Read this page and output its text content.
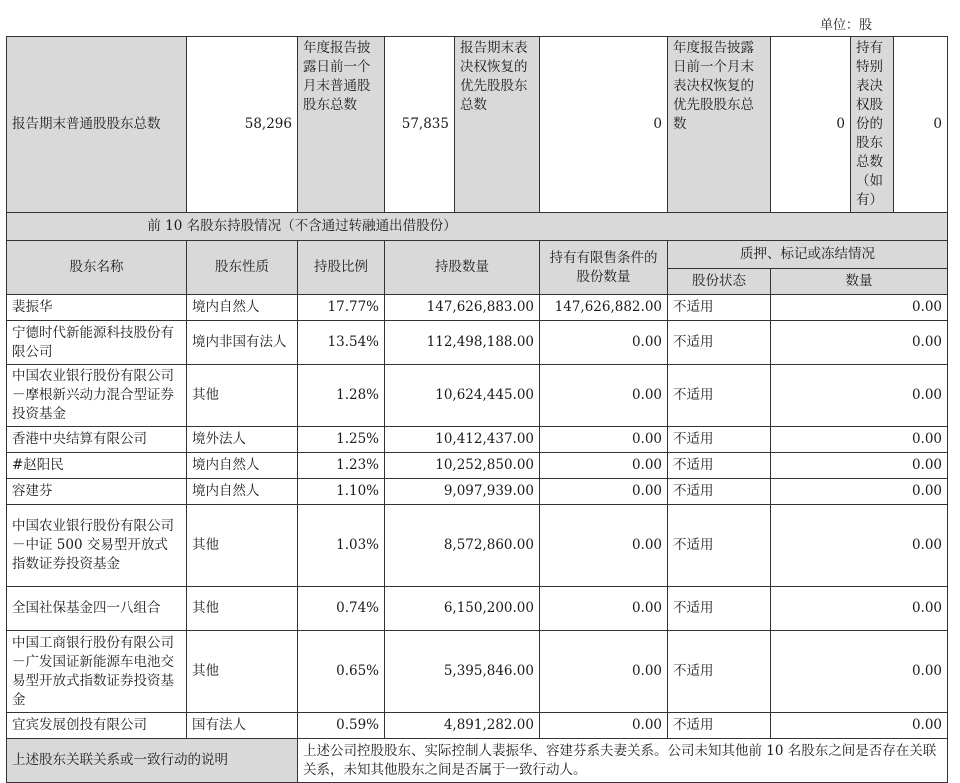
单位：股
报告期末普通股股东总数	58,296	年度报告披露日前一个月末普通股股东总数	57,835	报告期末表决权恢复的优先股股东总数	0	年度报告披露日前一个月末表决权恢复的优先股股东总数	0	持有特别表决权股份的股东总数（如有）	0
前 10 名股东持股情况（不含通过转融通出借股份）									
股东名称	股东性质	持股比例	持股数量		持有有限售条件的股份数量	质押、标记或冻结情况			
						股份状态	数量		
裴振华	境内自然人	17.77%	147,626,883.00		147,626,882.00	不适用	0.00		
宁德时代新能源科技股份有限公司	境内非国有法人	13.54%	112,498,188.00		0.00	不适用	0.00		
中国农业银行股份有限公司－摩根新兴动力混合型证券投资基金	其他	1.28%	10,624,445.00		0.00	不适用	0.00		
香港中央结算有限公司	境外法人	1.25%	10,412,437.00		0.00	不适用	0.00		
#赵阳民	境内自然人	1.23%	10,252,850.00		0.00	不适用	0.00		
容建芬	境内自然人	1.10%	9,097,939.00		0.00	不适用	0.00		
中国农业银行股份有限公司－中证 500 交易型开放式指数证券投资基金	其他	1.03%	8,572,860.00		0.00	不适用	0.00		
全国社保基金四一八组合	其他	0.74%	6,150,200.00		0.00	不适用	0.00		
中国工商银行股份有限公司－广发国证新能源车电池交易型开放式指数证券投资基金	其他	0.65%	5,395,846.00		0.00	不适用	0.00		
宜宾发展创投有限公司	国有法人	0.59%	4,891,282.00		0.00	不适用	0.00		
上述股东关联关系或一致行动的说明		上述公司控股股东、实际控制人裴振华、容建芬系夫妻关系。公司未知其他前 10 名股东之间是否存在关联关系，未知其他股东之间是否属于一致行动人。							
